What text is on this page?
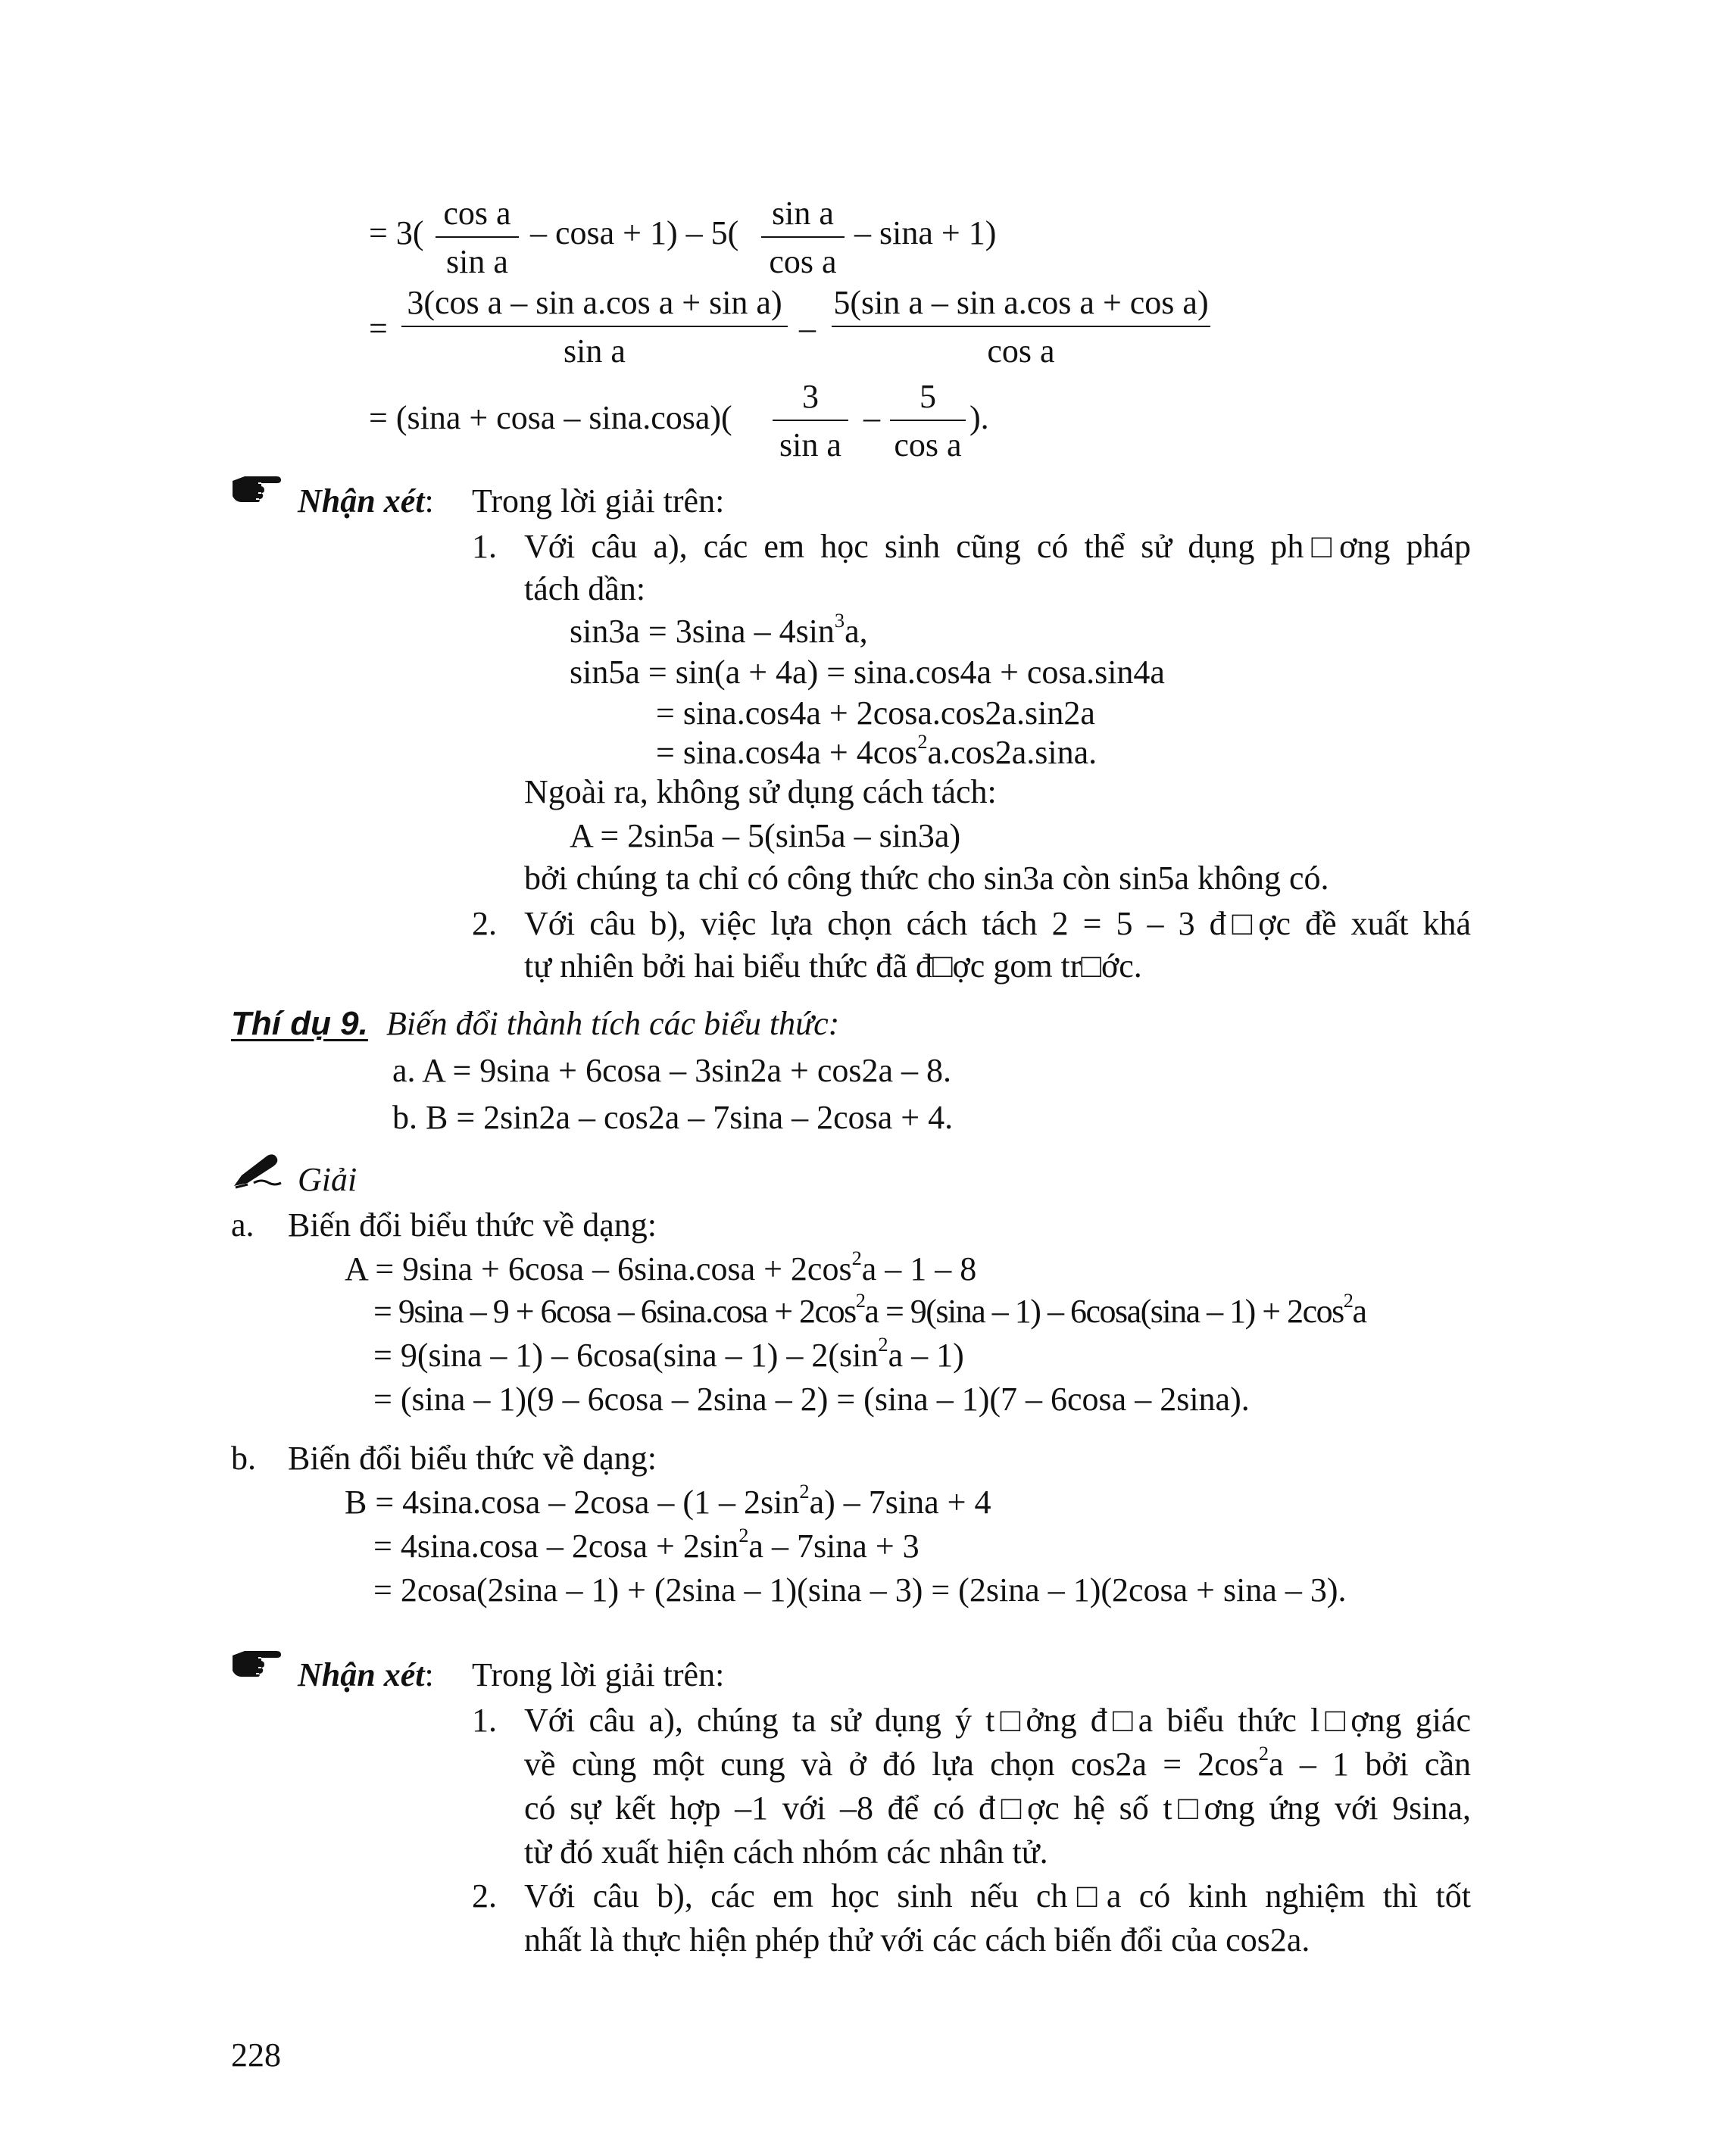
= 3(
cos a
sin a
– cosa + 1) – 5(
sin a
cos a
– sina + 1)
=
3(cos a – sin a.cos a + sin a)
sin a
–
5(sin a – sin a.cos a + cos a)
cos a
= (sina + cosa – sina.cosa)(
3
sin a
–
5
cos a
).
Nhận xét: Trong lời giải trên:
1. Với câu a), các em học sinh cũng có thể sử dụng ph□ơng pháp
tách dần:
$\sin 3a = 3\sin a - 4\sin^3a$,
sin5a = sin(a + 4a) = sina.cos4a + cosa.sin4a
= sina.cos4a + 2cosa.cos2a.sin2a
= $\sin a.\cos 4a + 4\cos^2a.\cos 2a.\sin a$.
Ngoài ra, không sử dụng cách tách:
A = 2sin5a – 5(sin5a – sin3a)
bởi chúng ta chỉ có công thức cho sin3a còn sin5a không có.
2. Với câu b), việc lựa chọn cách tách 2 = 5 – 3 đ□ợc đề xuất khá
tự nhiên bởi hai biểu thức đã đ□ợc gom tr□ớc.
Thí dụ 9. Biến đổi thành tích các biểu thức:
a. A = 9sina + 6cosa – 3sin2a + cos2a – 8.
b. B = 2sin2a – cos2a – 7sina – 2cosa + 4.
Giải
a. Biến đổi biểu thức về dạng:
$A = 9\sin a + 6\cos a - 6\sin a.\cos a + 2\cos^2a - 1 - 8$
= $9\sin a - 9 + 6\cos a - 6\sin a.\cos a + 2\cos^2a = 9(\sin a - 1) - 6\cos a(\sin a - 1) + 2\cos^2a$
= $9(\sin a - 1) - 6\cos a(\sin a - 1) - 2(\sin^2a - 1)$
= (sina – 1)(9 – 6cosa – 2sina – 2) = (sina – 1)(7 – 6cosa – 2sina).
b. Biến đổi biểu thức về dạng:
$B = 4\sin a.\cos a - 2\cos a - (1 - 2\sin^2a) - 7\sin a + 4$
= $4\sin a.\cos a - 2\cos a + 2\sin^2a - 7\sin a + 3$
= 2cosa(2sina – 1) + (2sina – 1)(sina – 3) = (2sina – 1)(2cosa + sina – 3).
Nhận xét: Trong lời giải trên:
1. Với câu a), chúng ta sử dụng ý t□ởng đ□a biểu thức l□ợng giác
về cùng một cung và ở đó lựa chọn $\cos 2a = 2\cos^2a - 1$ bởi cần
có sự kết hợp –1 với –8 để có đ□ợc hệ số t□ơng ứng với 9sina,
từ đó xuất hiện cách nhóm các nhân tử.
2. Với câu b), các em học sinh nếu ch□a có kinh nghiệm thì tốt
nhất là thực hiện phép thử với các cách biến đổi của cos2a.
228
